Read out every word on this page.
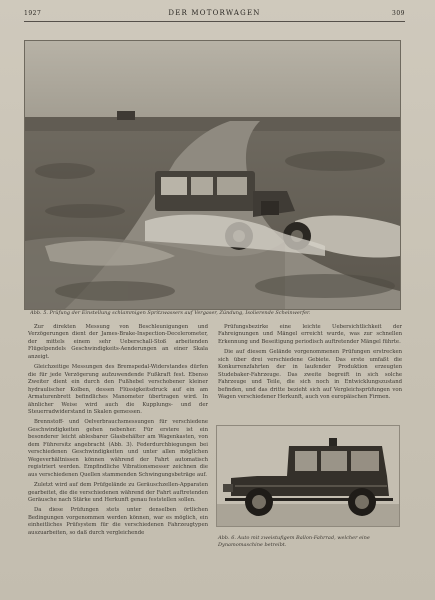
1927	DER MOTORWAGEN	309
Abb. 5. Prüfung der Einstellung schlammigen Spritzwassers auf Vergaser, Zündung, Isolierende Scheinwerfer.

Zur direkten Messung von Beschleunigungen und Verzögerungen dient der James-Brake-Inspection-Decelerometer, der mittels einem sehr Ueberschall-Stoß arbeitenden Flügelpendels Geschwindigkeits-Aenderungen an einer Skala anzeigt.

Gleichzeitige Messungen des Bremspedal-Widerstandes dürfen die für jede Verzögerung aufzuwendende Fußkraft fest. Ebenso Zweiter dient ein durch den Fußhebel verschobener kleiner hydraulischer Kolben, dessen Flüssigkeitsdruck auf ein am Armaturenbrett befindliches Manometer übertragen wird. In ähnlicher Weise wird auch die Kupplungs- und der Steuerradwiderstand in Skalen gemessen.

Brennstoff- und Oelverbrauchsmessungen für verschiedene Geschwindigkeiten gehen nebenher. Für erstere ist ein besonderer leicht ablesbarer Glasbehälter am Wagenkasten, von dem Führersitz angebracht (Abb. 3). Federdurchbiegungen bei verschiedenen Geschwindigkeiten und unter allen möglichen Wegeverhältnissen können während der Fahrt automatisch registriert werden. Empfindliche Vibrationsmesser zeichnen die aus verschiedenen Quellen stammenden Schwingungsbeträge auf.

Zuletzt wird auf dem Prüfgelände zu Geräuschzellen-Apparaten gearbeitet, die die verschiedenen während der Fahrt auftretenden Geräusche nach Stärke und Herkunft genau feststellen sollen.

Da diese Prüfungen stets unter denselben örtlichen Bedingungen vorgenommen werden können, war es möglich, ein einheitliches Prüfsystem für die verschiedenen Fahrzeugtypen auszuarbeiten, so daß durch vergleichende

Prüfungsbezirke eine leichte Uebersichtlichkeit der Fahreignungen und Mängel erreicht wurde, was zur schnellen Erkennung und Beseitigung periodisch auftretender Mängel führte.

Die auf diesem Gelände vorgenommenen Prüfungen erstrecken sich über drei verschiedene Gebiete. Das erste umfaßt die Konkurrenzfahrten der in laufender Produktion erzeugten Studebaker-Fahrzeuge. Das zweite begreift in sich solche Fahrzeuge und Teile, die sich noch in Entwicklungszustand befinden, und das dritte bezieht sich auf Vergleichsprüfungen von Wagen verschiedener Herkunft, auch von europäischen Firmen.

Abb. 6. Auto mit zweistufigem Ballon-Fahrrad, welcher eine Dynamomaschine betreibt.
